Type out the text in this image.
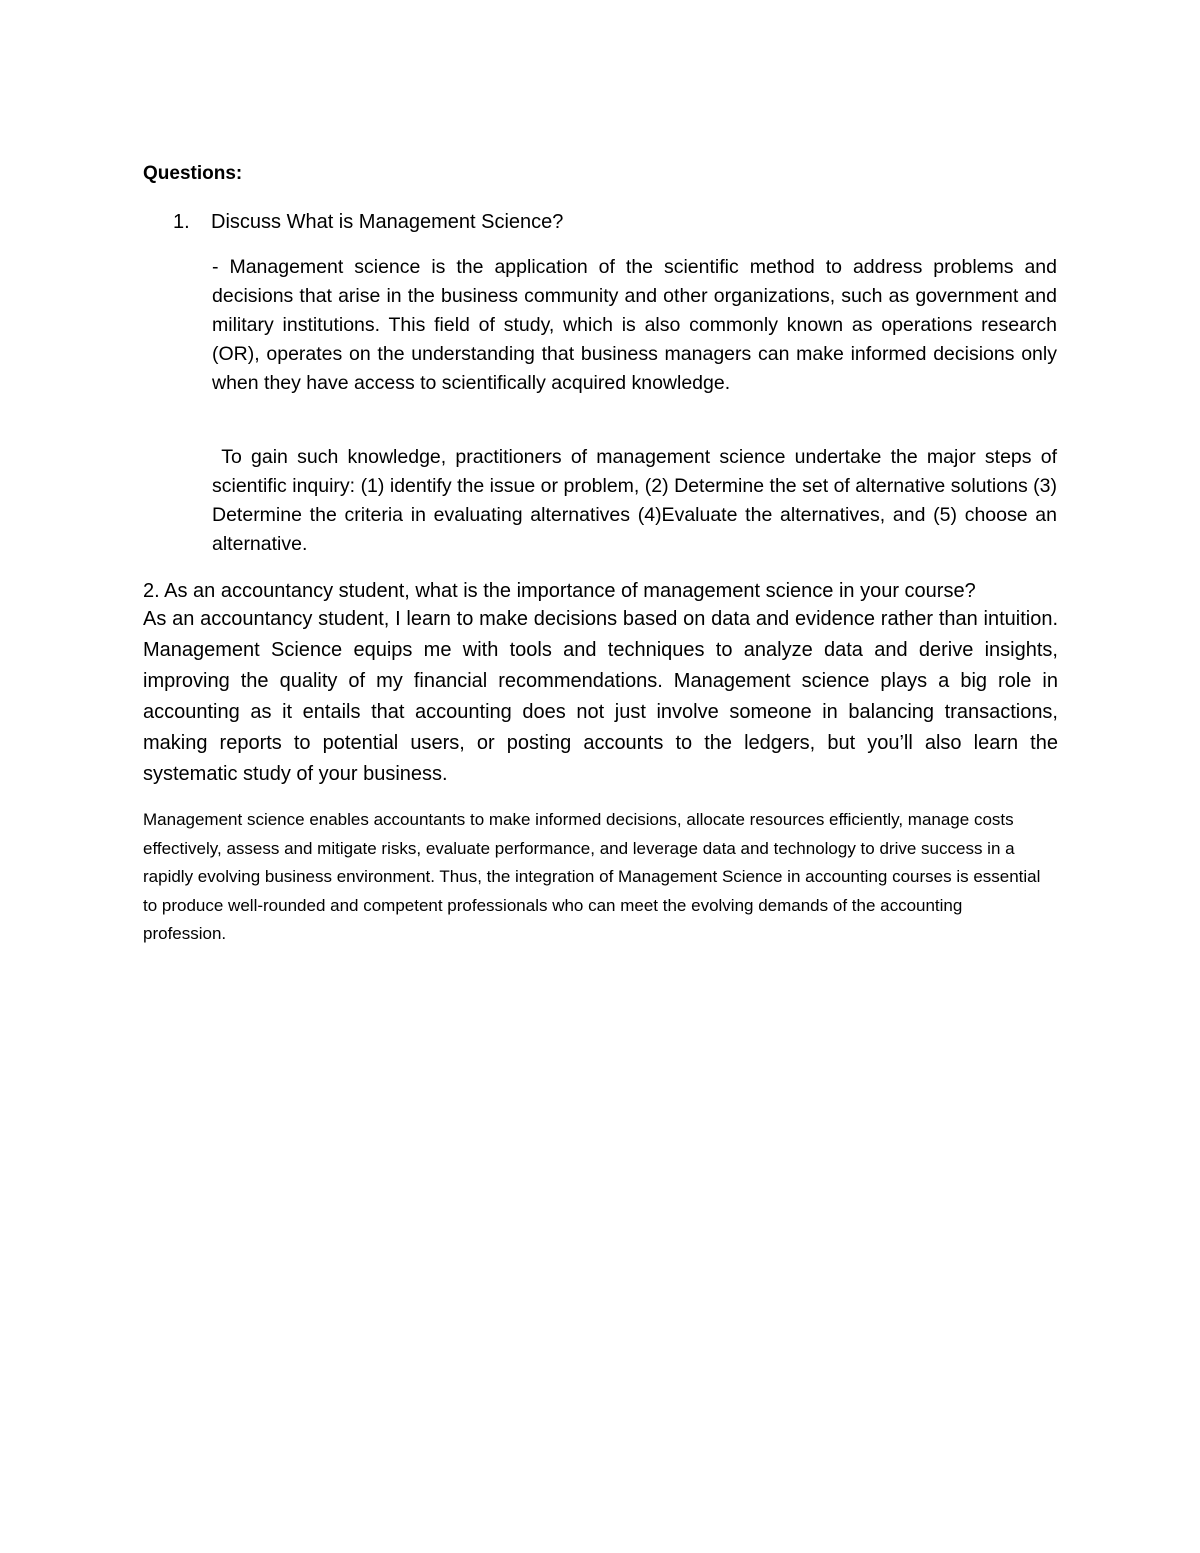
Questions:

1. Discuss What is Management Science?

- Management science is the application of the scientific method to address problems and decisions that arise in the business community and other organizations, such as government and military institutions. This field of study, which is also commonly known as operations research (OR), operates on the understanding that business managers can make informed decisions only when they have access to scientifically acquired knowledge.

To gain such knowledge, practitioners of management science undertake the major steps of scientific inquiry: (1) identify the issue or problem, (2) Determine the set of alternative solutions (3) Determine the criteria in evaluating alternatives (4)Evaluate the alternatives, and (5) choose an alternative.

2. As an accountancy student, what is the importance of management science in your course?

As an accountancy student, I learn to make decisions based on data and evidence rather than intuition. Management Science equips me with tools and techniques to analyze data and derive insights, improving the quality of my financial recommendations. Management science plays a big role in accounting as it entails that accounting does not just involve someone in balancing transactions, making reports to potential users, or posting accounts to the ledgers, but you’ll also learn the systematic study of your business.

Management science enables accountants to make informed decisions, allocate resources efficiently, manage costs effectively, assess and mitigate risks, evaluate performance, and leverage data and technology to drive success in a rapidly evolving business environment. Thus, the integration of Management Science in accounting courses is essential to produce well-rounded and competent professionals who can meet the evolving demands of the accounting profession.
